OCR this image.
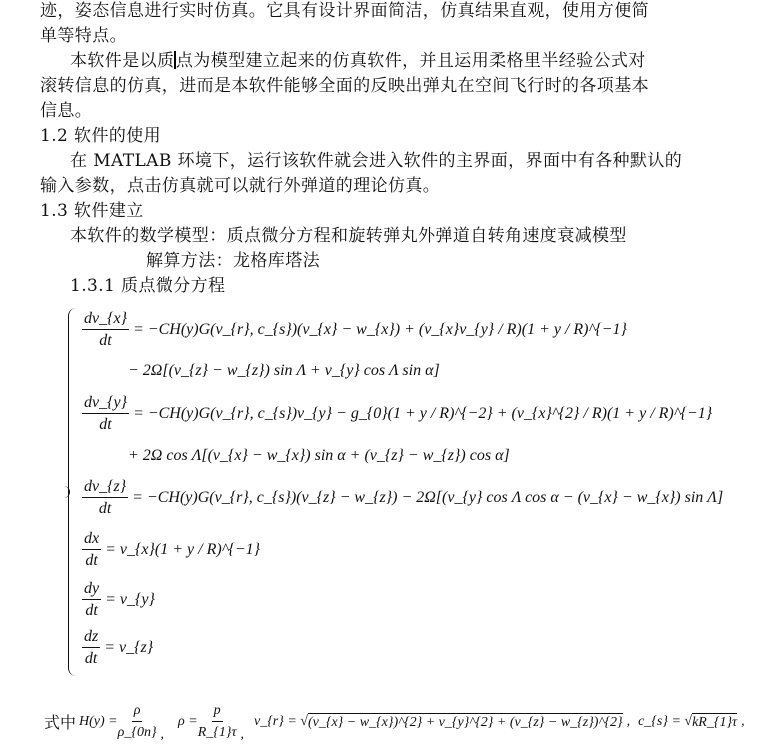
迹，姿态信息进行实时仿真。它具有设计界面简洁，仿真结果直观，使用方便简
单等特点。
本软件是以质点为模型建立起来的仿真软件，并且运用柔格里半经验公式对
滚转信息的仿真，进而是本软件能够全面的反映出弹丸在空间飞行时的各项基本
信息。
1.2 软件的使用
在 MATLAB 环境下，运行该软件就会进入软件的主界面，界面中有各种默认的
输入参数，点击仿真就可以就行外弹道的理论仿真。
1.3 软件建立
本软件的数学模型：质点微分方程和旋转弹丸外弹道自转角速度衰减模型
解算方法：龙格库塔法
1.3.1 质点微分方程
$\frac{dv\_\{x\}}{dt}$ = −CH(y)G(v_{r}, c_{s})(v_{x} − w_{x}) + (v_{x}v_{y} / R)(1 + y / R)^{−1}
− 2Ω[(v_{z} − w_{z}) sin Λ + v_{y} cos Λ sin α]
$\frac{dv\_\{y\}}{dt}$ = −CH(y)G(v_{r}, c_{s})v_{y} − g_{0}(1 + y / R)^{−2} + (v_{x}^{2} / R)(1 + y / R)^{−1}
+ 2Ω cos Λ[(v_{x} − w_{x}) sin α + (v_{z} − w_{z}) cos α]
$\frac{dv\_\{z\}}{dt}$ = −CH(y)G(v_{r}, c_{s})(v_{z} − w_{z}) − 2Ω[(v_{y} cos Λ cos α − (v_{x} − w_{x}) sin Λ]
$\frac{dx}{dt}$ = v_{x}(1 + y / R)^{−1}
$\frac{dy}{dt}$ = v_{y}
$\frac{dz}{dt}$ = v_{z}
式中 $H(y) = \frac{\rho}{\rho\_\{0n\}}$ ,
$\rho = \frac{p}{R\_\{1\}\tau}$ ,
v_{r} = √ (v_{x} − w_{x})^{2} + v_{y}^{2} + (v_{z} − w_{z})^{2} , c_{s} = √ kR_{1}τ ,
